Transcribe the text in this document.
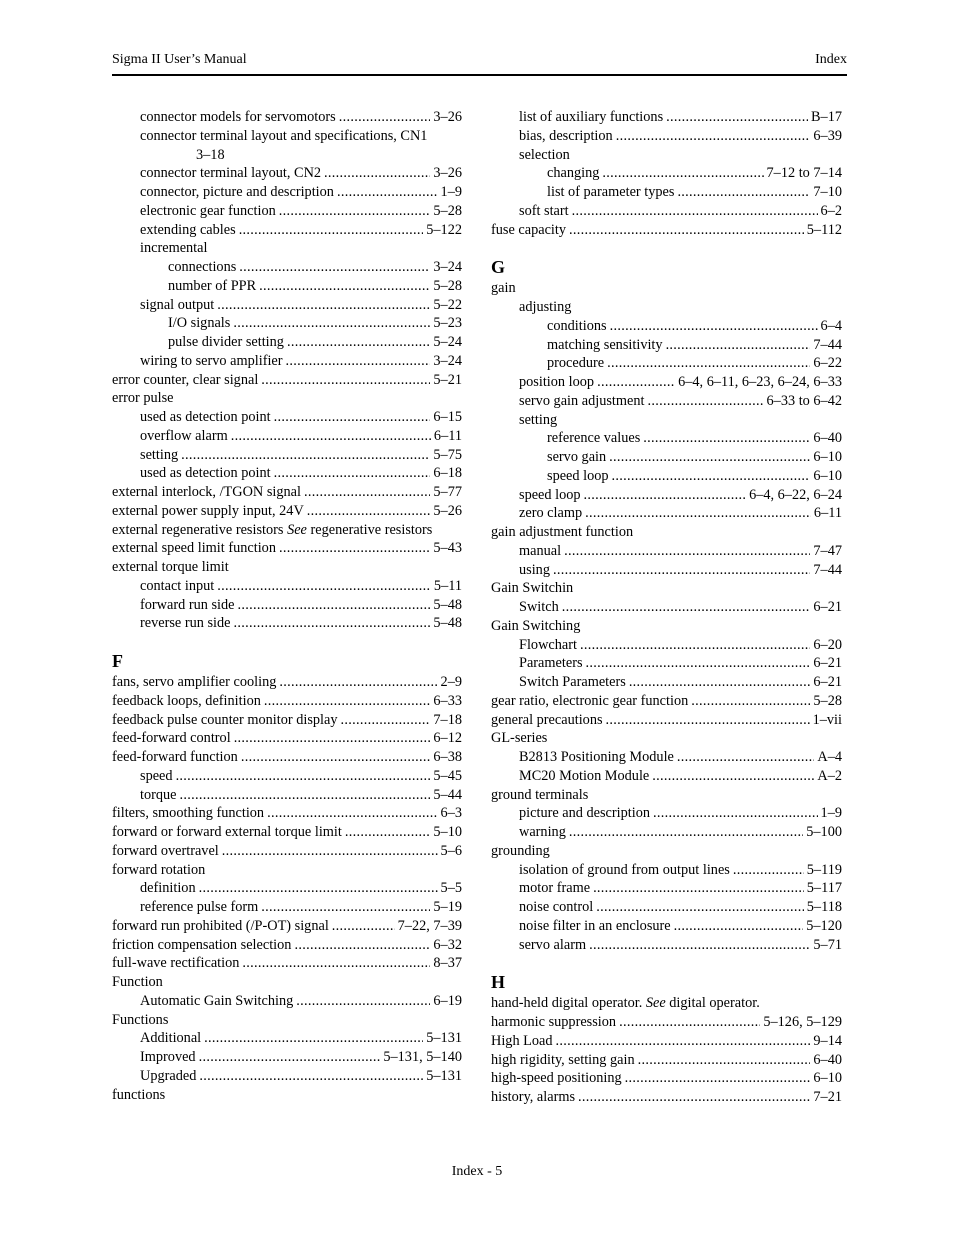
Sigma II User’s Manual	Index
connector models for servomotors .....	3–26
connector terminal layout and specifications, CN1
3–18
connector terminal layout, CN2 .....	3–26
connector, picture and description .....	1–9
electronic gear function .....	5–28
extending cables .....	5–122
incremental
connections .....	3–24
number of PPR .....	5–28
signal output .....	5–22
I/O signals .....	5–23
pulse divider setting .....	5–24
wiring to servo amplifier .....	3–24
error counter, clear signal .....	5–21
error pulse
used as detection point .....	6–15
overflow alarm .....	6–11
setting .....	5–75
used as detection point .....	6–18
external interlock, /TGON signal .....	5–77
external power supply input, 24V .....	5–26
external regenerative resistors See regenerative resistors
external speed limit function .....	5–43
external torque limit
contact input .....	5–11
forward run side .....	5–48
reverse run side .....	5–48
F
fans, servo amplifier cooling .....	2–9
feedback loops, definition .....	6–33
feedback pulse counter monitor display .....	7–18
feed-forward control .....	6–12
feed-forward function .....	6–38
speed .....	5–45
torque .....	5–44
filters, smoothing function .....	6–3
forward or forward external torque limit .....	5–10
forward overtravel .....	5–6
forward rotation
definition .....	5–5
reference pulse form .....	5–19
forward run prohibited (/P-OT) signal .....	7–22, 7–39
friction compensation selection .....	6–32
full-wave rectification .....	8–37
Function
Automatic Gain Switching .....	6–19
Functions
Additional .....	5–131
Improved .....	5–131, 5–140
Upgraded .....	5–131
functions
list of auxiliary functions .....	B–17
bias, description .....	6–39
selection
changing .....	7–12 to 7–14
list of parameter types .....	7–10
soft start .....	6–2
fuse capacity .....	5–112
G
gain
adjusting
conditions .....	6–4
matching sensitivity .....	7–44
procedure .....	6–22
position loop .....	6–4, 6–11, 6–23, 6–24, 6–33
servo gain adjustment .....	6–33 to 6–42
setting
reference values .....	6–40
servo gain .....	6–10
speed loop .....	6–10
speed loop .....	6–4, 6–22, 6–24
zero clamp .....	6–11
gain adjustment function
manual .....	7–47
using .....	7–44
Gain Switchin
Switch .....	6–21
Gain Switching
Flowchart .....	6–20
Parameters .....	6–21
Switch Parameters .....	6–21
gear ratio, electronic gear function .....	5–28
general precautions .....	1–vii
GL-series
B2813 Positioning Module .....	A–4
MC20 Motion Module .....	A–2
ground terminals
picture and description .....	1–9
warning .....	5–100
grounding
isolation of ground from output lines .....	5–119
motor frame .....	5–117
noise control .....	5–118
noise filter in an enclosure .....	5–120
servo alarm .....	5–71
H
hand-held digital operator. See digital operator.
harmonic suppression .....	5–126, 5–129
High Load .....	9–14
high rigidity, setting gain .....	6–40
high-speed positioning .....	6–10
history, alarms .....	7–21
Index - 5
